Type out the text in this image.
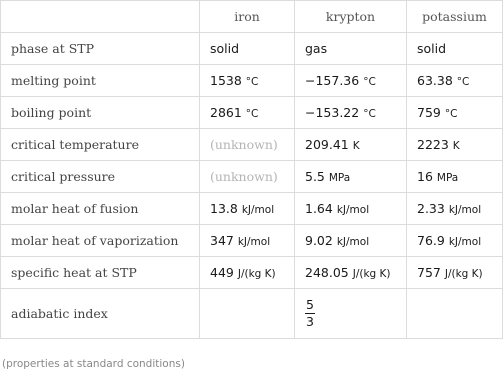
	iron	krypton	potassium
phase at STP	solid	gas	solid
melting point	1538 °C	−157.36 °C	63.38 °C
boiling point	2861 °C	−153.22 °C	759 °C
critical temperature	(unknown)	209.41 K	2223 K
critical pressure	(unknown)	5.5 MPa	16 MPa
molar heat of fusion	13.8 kJ/mol	1.64 kJ/mol	2.33 kJ/mol
molar heat of vaporization	347 kJ/mol	9.02 kJ/mol	76.9 kJ/mol
specific heat at STP	449 J/(kg K)	248.05 J/(kg K)	757 J/(kg K)
adiabatic index		$\frac{5}{3}$

(properties at standard conditions)
